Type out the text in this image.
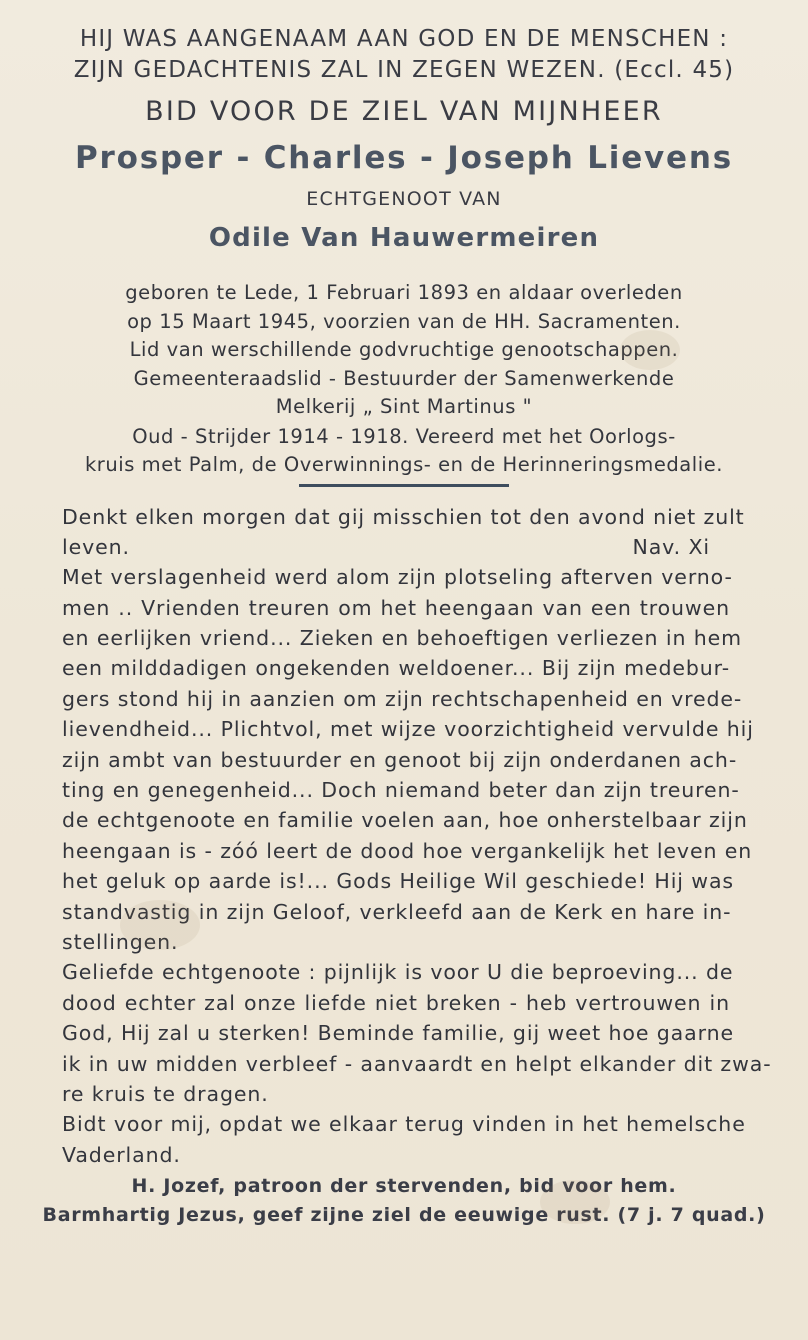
HIJ WAS AANGENAAM AAN GOD EN DE MENSCHEN :
ZIJN GEDACHTENIS ZAL IN ZEGEN WEZEN. (Eccl. 45)
BID VOOR DE ZIEL VAN MIJNHEER
Prosper - Charles - Joseph Lievens
ECHTGENOOT VAN
Odile Van Hauwermeiren
geboren te Lede, 1 Februari 1893 en aldaar overleden
op 15 Maart 1945, voorzien van de HH. Sacramenten.
Lid van werschillende godvruchtige genootschappen.
Gemeenteraadslid - Bestuurder der Samenwerkende
Melkerij „ Sint Martinus "
Oud - Strijder 1914 - 1918. Vereerd met het Oorlogs-
kruis met Palm, de Overwinnings- en de Herinneringsmedalie.
Denkt elken morgen dat gij misschien tot den avond niet zult
leven.	Nav. Xi
Met verslagenheid werd alom zijn plotseling afterven verno-
men .. Vrienden treuren om het heengaan van een trouwen
en eerlijken vriend... Zieken en behoeftigen verliezen in hem
een milddadigen ongekenden weldoener... Bij zijn medebur-
gers stond hij in aanzien om zijn rechtschapenheid en vrede-
lievendheid... Plichtvol, met wijze voorzichtigheid vervulde hij
zijn ambt van bestuurder en genoot bij zijn onderdanen ach-
ting en genegenheid... Doch niemand beter dan zijn treuren-
de echtgenoote en familie voelen aan, hoe onherstelbaar zijn
heengaan is - zóó leert de dood hoe vergankelijk het leven en
het geluk op aarde is!... Gods Heilige Wil geschiede! Hij was
standvastig in zijn Geloof, verkleefd aan de Kerk en hare in-
stellingen.
Geliefde echtgenoote : pijnlijk is voor U die beproeving... de
dood echter zal onze liefde niet breken - heb vertrouwen in
God, Hij zal u sterken! Beminde familie, gij weet hoe gaarne
ik in uw midden verbleef - aanvaardt en helpt elkander dit zwa-
re kruis te dragen.
Bidt voor mij, opdat we elkaar terug vinden in het hemelsche
Vaderland.
H. Jozef, patroon der stervenden, bid voor hem.
Barmhartig Jezus, geef zijne ziel de eeuwige rust. (7 j. 7 quad.)
